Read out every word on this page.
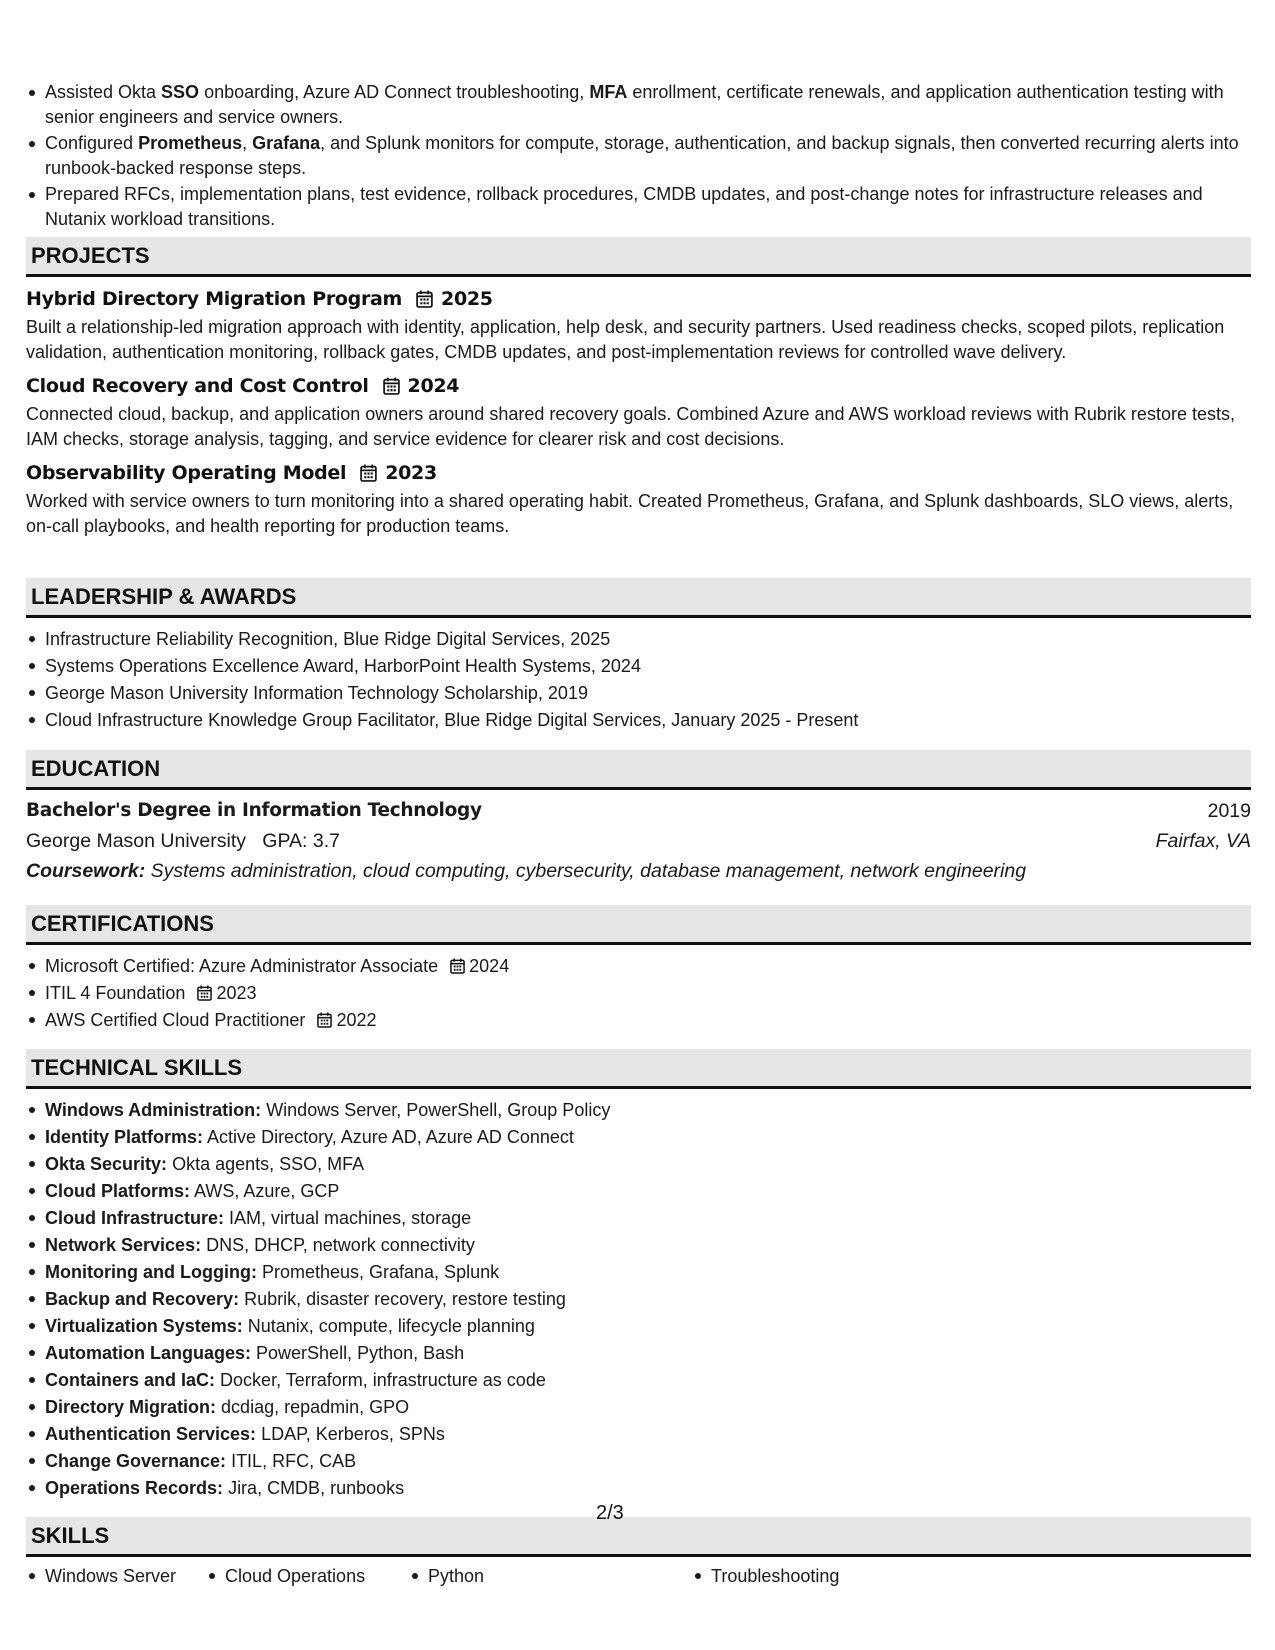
Assisted Okta SSO onboarding, Azure AD Connect troubleshooting, MFA enrollment, certificate renewals, and application authentication testing with senior engineers and service owners.
Configured Prometheus, Grafana, and Splunk monitors for compute, storage, authentication, and backup signals, then converted recurring alerts into runbook-backed response steps.
Prepared RFCs, implementation plans, test evidence, rollback procedures, CMDB updates, and post-change notes for infrastructure releases and Nutanix workload transitions.
PROJECTS
Hybrid Directory Migration Program 2025
Built a relationship-led migration approach with identity, application, help desk, and security partners. Used readiness checks, scoped pilots, replication validation, authentication monitoring, rollback gates, CMDB updates, and post-implementation reviews for controlled wave delivery.
Cloud Recovery and Cost Control 2024
Connected cloud, backup, and application owners around shared recovery goals. Combined Azure and AWS workload reviews with Rubrik restore tests, IAM checks, storage analysis, tagging, and service evidence for clearer risk and cost decisions.
Observability Operating Model 2023
Worked with service owners to turn monitoring into a shared operating habit. Created Prometheus, Grafana, and Splunk dashboards, SLO views, alerts, on-call playbooks, and health reporting for production teams.
LEADERSHIP & AWARDS
Infrastructure Reliability Recognition, Blue Ridge Digital Services, 2025
Systems Operations Excellence Award, HarborPoint Health Systems, 2024
George Mason University Information Technology Scholarship, 2019
Cloud Infrastructure Knowledge Group Facilitator, Blue Ridge Digital Services, January 2025 - Present
EDUCATION
Bachelor's Degree in Information Technology	2019
George Mason University GPA: 3.7	Fairfax, VA
Coursework: Systems administration, cloud computing, cybersecurity, database management, network engineering
CERTIFICATIONS
Microsoft Certified: Azure Administrator Associate 2024
ITIL 4 Foundation 2023
AWS Certified Cloud Practitioner 2022
TECHNICAL SKILLS
Windows Administration: Windows Server, PowerShell, Group Policy
Identity Platforms: Active Directory, Azure AD, Azure AD Connect
Okta Security: Okta agents, SSO, MFA
Cloud Platforms: AWS, Azure, GCP
Cloud Infrastructure: IAM, virtual machines, storage
Network Services: DNS, DHCP, network connectivity
Monitoring and Logging: Prometheus, Grafana, Splunk
Backup and Recovery: Rubrik, disaster recovery, restore testing
Virtualization Systems: Nutanix, compute, lifecycle planning
Automation Languages: PowerShell, Python, Bash
Containers and IaC: Docker, Terraform, infrastructure as code
Directory Migration: dcdiag, repadmin, GPO
Authentication Services: LDAP, Kerberos, SPNs
Change Governance: ITIL, RFC, CAB
Operations Records: Jira, CMDB, runbooks
SKILLS
Windows Server	Cloud Operations	Python	Troubleshooting
2/3
